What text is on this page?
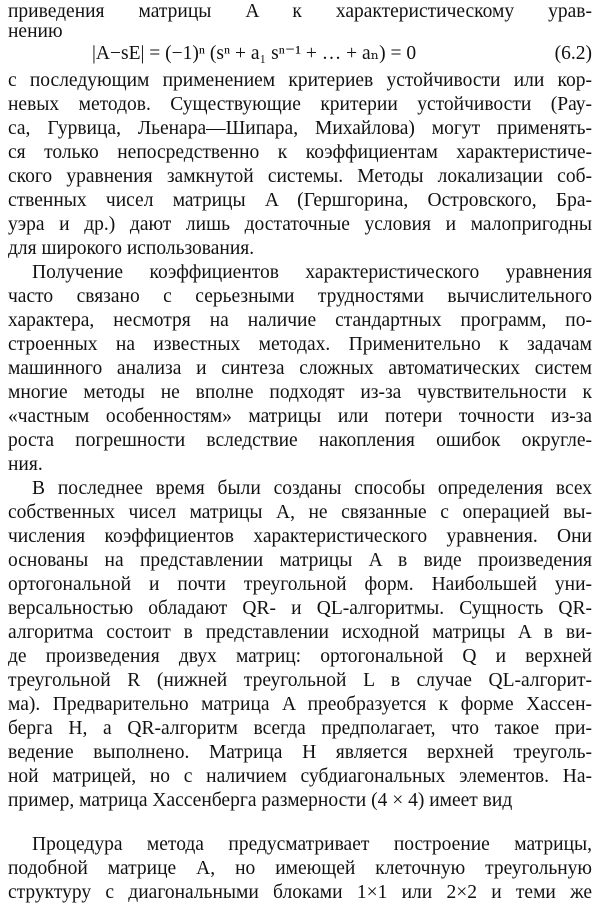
приведения матрицы A к характеристическому урав-
нению
|A−sE| = (−1)ⁿ (sⁿ + a₁ sⁿ⁻¹ + … + aₙ) = 0	(6.2)
с последующим применением критериев устойчивости или кор-
невых методов. Существующие критерии устойчивости (Рау-
са, Гурвица, Льенара—Шипара, Михайлова) могут применять-
ся только непосредственно к коэффициентам характеристиче-
ского уравнения замкнутой системы. Методы локализации соб-
ственных чисел матрицы A (Гершгорина, Островского, Бра-
уэра и др.) дают лишь достаточные условия и малопригодны
для широкого использования.
Получение коэффициентов характеристического уравнения
часто связано с серьезными трудностями вычислительного
характера, несмотря на наличие стандартных программ, по-
строенных на известных методах. Применительно к задачам
машинного анализа и синтеза сложных автоматических систем
многие методы не вполне подходят из-за чувствительности к
«частным особенностям» матрицы или потери точности из-за
роста погрешности вследствие накопления ошибок округле-
ния.
В последнее время были созданы способы определения всех
собственных чисел матрицы A, не связанные с операцией вы-
числения коэффициентов характеристического уравнения. Они
основаны на представлении матрицы A в виде произведения
ортогональной и почти треугольной форм. Наибольшей уни-
версальностью обладают QR- и QL-алгоритмы. Сущность QR-
алгоритма состоит в представлении исходной матрицы A в ви-
де произведения двух матриц: ортогональной Q и верхней
треугольной R (нижней треугольной L в случае QL-алгорит-
ма). Предварительно матрица A преобразуется к форме Хассен-
берга H, а QR-алгоритм всегда предполагает, что такое при-
ведение выполнено. Матрица H является верхней треуголь-
ной матрицей, но с наличием субдиагональных элементов. На-
пример, матрица Хассенберга размерности (4 × 4) имеет вид
Процедура метода предусматривает построение матрицы,
подобной матрице A, но имеющей клеточную треугольную
структуру с диагональными блоками 1×1 или 2×2 и теми же
